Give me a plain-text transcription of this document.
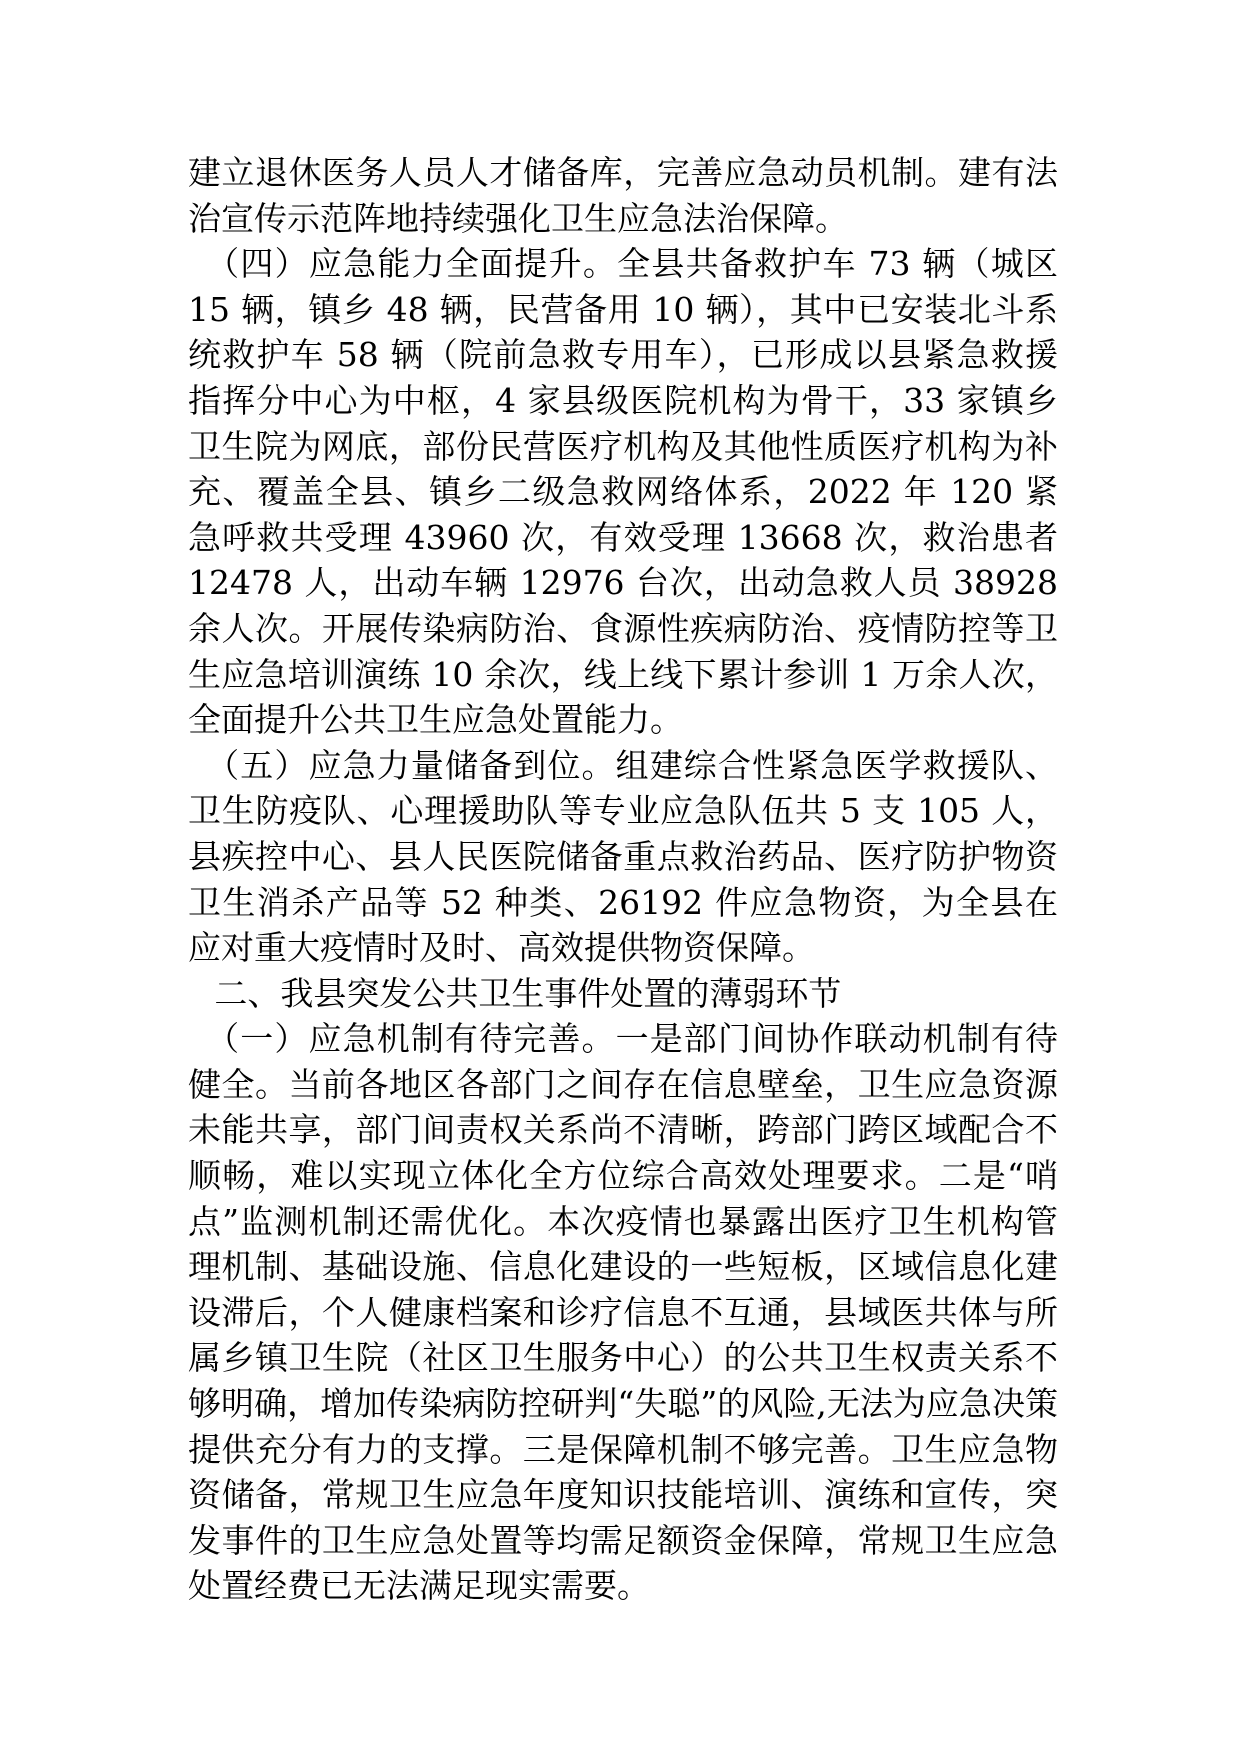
建立退休医务人员人才储备库，完善应急动员机制。建有法治宣传示范阵地持续强化卫生应急法治保障。

（四）应急能力全面提升。全县共备救护车 73 辆（城区 15 辆，镇乡 48 辆，民营备用 10 辆），其中已安装北斗系统救护车 58 辆（院前急救专用车），已形成以县紧急救援指挥分中心为中枢，4 家县级医院机构为骨干，33 家镇乡卫生院为网底，部份民营医疗机构及其他性质医疗机构为补充、覆盖全县、镇乡二级急救网络体系，2022 年 120 紧急呼救共受理 43960 次，有效受理 13668 次，救治患者 12478 人，出动车辆 12976 台次，出动急救人员 38928 余人次。开展传染病防治、食源性疾病防治、疫情防控等卫生应急培训演练 10 余次，线上线下累计参训 1 万余人次，全面提升公共卫生应急处置能力。

（五）应急力量储备到位。组建综合性紧急医学救援队、卫生防疫队、心理援助队等专业应急队伍共 5 支 105 人，县疾控中心、县人民医院储备重点救治药品、医疗防护物资卫生消杀产品等 52 种类、26192 件应急物资，为全县在应对重大疫情时及时、高效提供物资保障。

二、我县突发公共卫生事件处置的薄弱环节

（一）应急机制有待完善。一是部门间协作联动机制有待健全。当前各地区各部门之间存在信息壁垒，卫生应急资源未能共享，部门间责权关系尚不清晰，跨部门跨区域配合不顺畅，难以实现立体化全方位综合高效处理要求。二是“哨点”监测机制还需优化。本次疫情也暴露出医疗卫生机构管理机制、基础设施、信息化建设的一些短板，区域信息化建设滞后，个人健康档案和诊疗信息不互通，县域医共体与所属乡镇卫生院（社区卫生服务中心）的公共卫生权责关系不够明确，增加传染病防控研判“失聪”的风险,无法为应急决策提供充分有力的支撑。三是保障机制不够完善。卫生应急物资储备，常规卫生应急年度知识技能培训、演练和宣传，突发事件的卫生应急处置等均需足额资金保障，常规卫生应急处置经费已无法满足现实需要。
